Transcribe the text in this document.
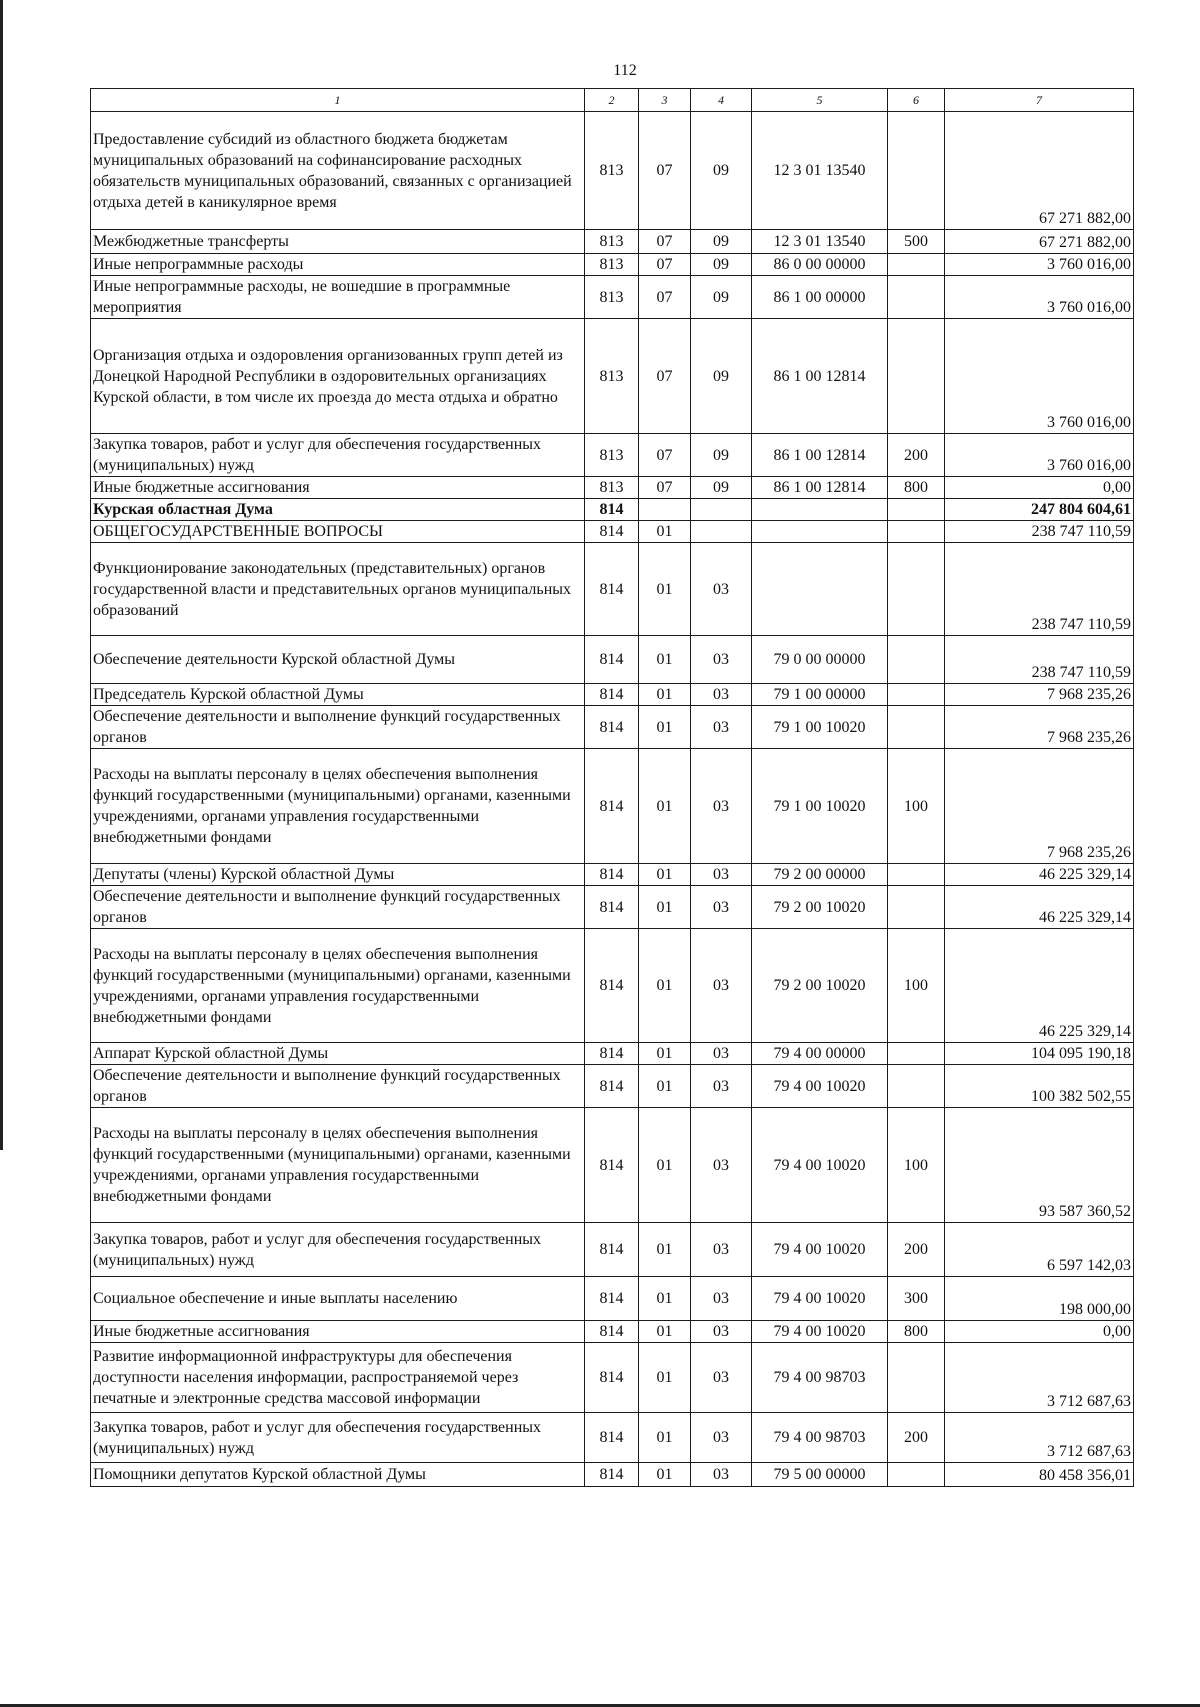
112
1	2	3	4	5	6	7
Предоставление субсидий из областного бюджета бюджетам муниципальных образований на софинансирование расходных обязательств муниципальных образований, связанных с организацией отдыха детей в каникулярное время	813	07	09	12 3 01 13540		67 271 882,00
Межбюджетные трансферты	813	07	09	12 3 01 13540	500	67 271 882,00
Иные непрограммные расходы	813	07	09	86 0 00 00000		3 760 016,00
Иные непрограммные расходы, не вошедшие в программные мероприятия	813	07	09	86 1 00 00000		3 760 016,00
Организация отдыха и оздоровления организованных групп детей из Донецкой Народной Республики в оздоровительных организациях Курской области, в том числе их проезда до места отдыха и обратно	813	07	09	86 1 00 12814		3 760 016,00
Закупка товаров, работ и услуг для обеспечения государственных (муниципальных) нужд	813	07	09	86 1 00 12814	200	3 760 016,00
Иные бюджетные ассигнования	813	07	09	86 1 00 12814	800	0,00
Курская областная Дума	814					247 804 604,61
ОБЩЕГОСУДАРСТВЕННЫЕ ВОПРОСЫ	814	01				238 747 110,59
Функционирование законодательных (представительных) органов государственной власти и представительных органов муниципальных образований	814	01	03			238 747 110,59
Обеспечение деятельности Курской областной Думы	814	01	03	79 0 00 00000		238 747 110,59
Председатель Курской областной Думы	814	01	03	79 1 00 00000		7 968 235,26
Обеспечение деятельности и выполнение функций государственных органов	814	01	03	79 1 00 10020		7 968 235,26
Расходы на выплаты персоналу в целях обеспечения выполнения функций государственными (муниципальными) органами, казенными учреждениями, органами управления государственными внебюджетными фондами	814	01	03	79 1 00 10020	100	7 968 235,26
Депутаты (члены) Курской областной Думы	814	01	03	79 2 00 00000		46 225 329,14
Обеспечение деятельности и выполнение функций государственных органов	814	01	03	79 2 00 10020		46 225 329,14
Расходы на выплаты персоналу в целях обеспечения выполнения функций государственными (муниципальными) органами, казенными учреждениями, органами управления государственными внебюджетными фондами	814	01	03	79 2 00 10020	100	46 225 329,14
Аппарат Курской областной Думы	814	01	03	79 4 00 00000		104 095 190,18
Обеспечение деятельности и выполнение функций государственных органов	814	01	03	79 4 00 10020		100 382 502,55
Расходы на выплаты персоналу в целях обеспечения выполнения функций государственными (муниципальными) органами, казенными учреждениями, органами управления государственными внебюджетными фондами	814	01	03	79 4 00 10020	100	93 587 360,52
Закупка товаров, работ и услуг для обеспечения государственных (муниципальных) нужд	814	01	03	79 4 00 10020	200	6 597 142,03
Социальное обеспечение и иные выплаты населению	814	01	03	79 4 00 10020	300	198 000,00
Иные бюджетные ассигнования	814	01	03	79 4 00 10020	800	0,00
Развитие информационной инфраструктуры для обеспечения доступности населения информации, распространяемой через печатные и электронные средства массовой информации	814	01	03	79 4 00 98703		3 712 687,63
Закупка товаров, работ и услуг для обеспечения государственных (муниципальных) нужд	814	01	03	79 4 00 98703	200	3 712 687,63
Помощники депутатов Курской областной Думы	814	01	03	79 5 00 00000		80 458 356,01
